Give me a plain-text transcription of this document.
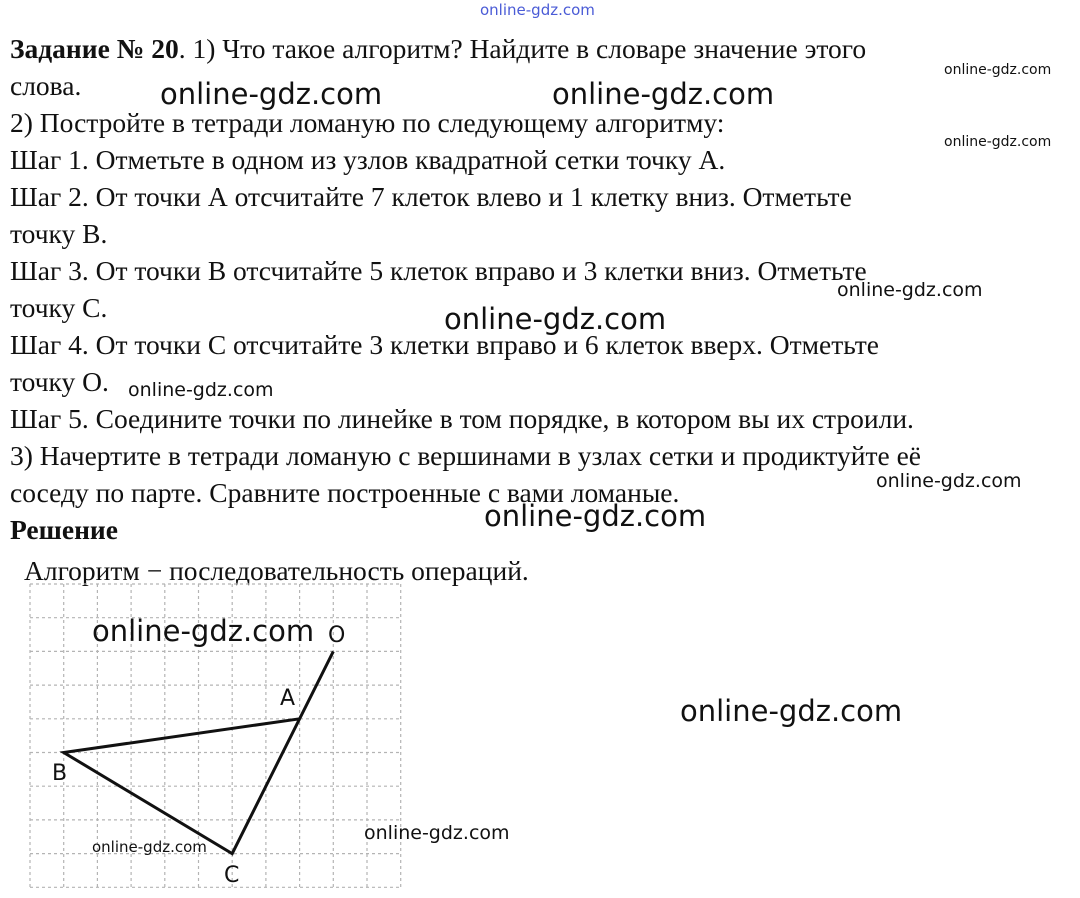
online-gdz.com
Задание № 20. 1) Что такое алгоритм? Найдите в словаре значение этого
слова.
2) Постройте в тетради ломаную по следующему алгоритму:
Шаг 1. Отметьте в одном из узлов квадратной сетки точку А.
Шаг 2. От точки А отсчитайте 7 клеток влево и 1 клетку вниз. Отметьте
точку В.
Шаг 3. От точки В отсчитайте 5 клеток вправо и 3 клетки вниз. Отметьте
точку С.
Шаг 4. От точки С отсчитайте 3 клетки вправо и 6 клеток вверх. Отметьте
точку О.
Шаг 5. Соедините точки по линейке в том порядке, в котором вы их строили.
3) Начертите в тетради ломаную с вершинами в узлах сетки и продиктуйте её
соседу по парте. Сравните построенные с вами ломаные.
Решение
Алгоритм − последовательность операций.
O
A
B
C
online-gdz.com	online-gdz.com
online-gdz.com
online-gdz.com
online-gdz.com
online-gdz.com
online-gdz.com
online-gdz.com
online-gdz.com
online-gdz.com
online-gdz.com
online-gdz.com
online-gdz.com
